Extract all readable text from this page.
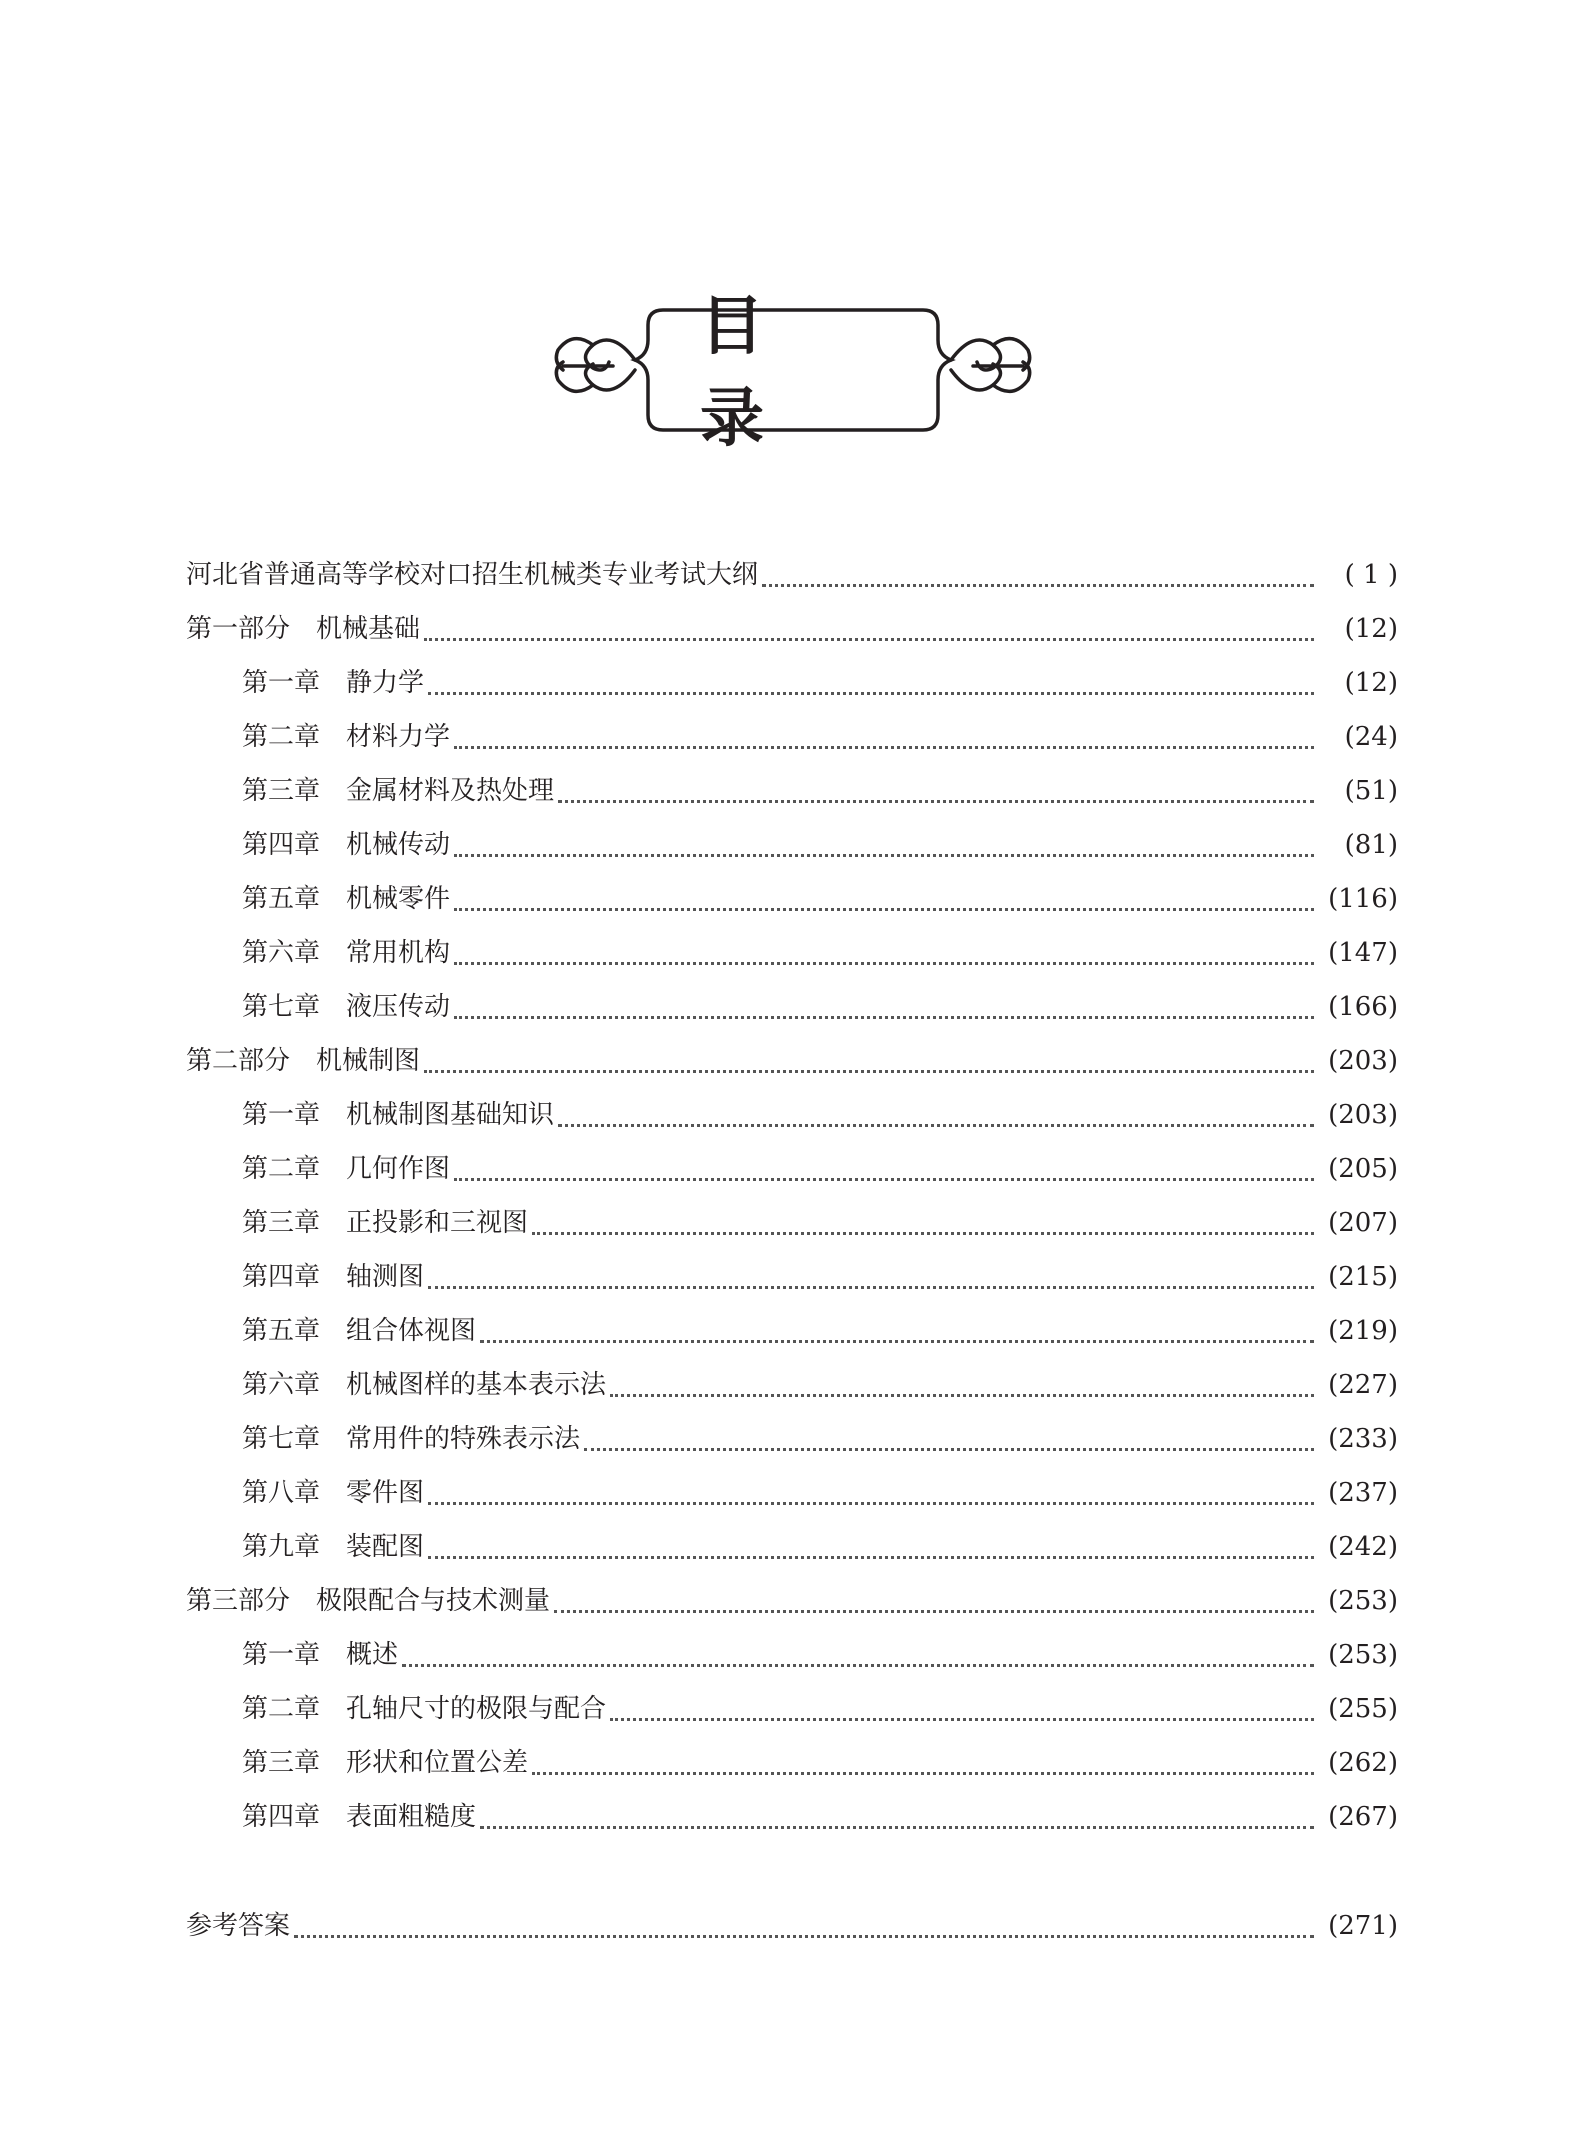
目 录
河北省普通高等学校对口招生机械类专业考试大纲	( 1 )
第一部分　机械基础	(12)
第一章　静力学	(12)
第二章　材料力学	(24)
第三章　金属材料及热处理	(51)
第四章　机械传动	(81)
第五章　机械零件	(116)
第六章　常用机构	(147)
第七章　液压传动	(166)
第二部分　机械制图	(203)
第一章　机械制图基础知识	(203)
第二章　几何作图	(205)
第三章　正投影和三视图	(207)
第四章　轴测图	(215)
第五章　组合体视图	(219)
第六章　机械图样的基本表示法	(227)
第七章　常用件的特殊表示法	(233)
第八章　零件图	(237)
第九章　装配图	(242)
第三部分　极限配合与技术测量	(253)
第一章　概述	(253)
第二章　孔轴尺寸的极限与配合	(255)
第三章　形状和位置公差	(262)
第四章　表面粗糙度	(267)
参考答案	(271)
